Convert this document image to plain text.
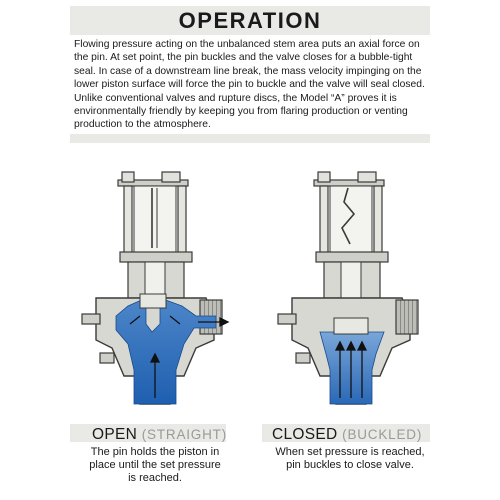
OPERATION
Flowing pressure acting on the unbalanced stem area puts an axial force on the pin. At set point, the pin buckles and the valve closes for a bubble-tight seal. In case of a downstream line break, the mass velocity impinging on the lower piston surface will force the pin to buckle and the valve will seal closed. Unlike conventional valves and rupture discs, the Model “A” proves it is environmentally friendly by keeping you from flaring production or venting production to the atmosphere.
OPEN (STRAIGHT)
The pin holds the piston in
place until the set pressure
is reached.
CLOSED (BUCKLED)
When set pressure is reached,
pin buckles to close valve.
